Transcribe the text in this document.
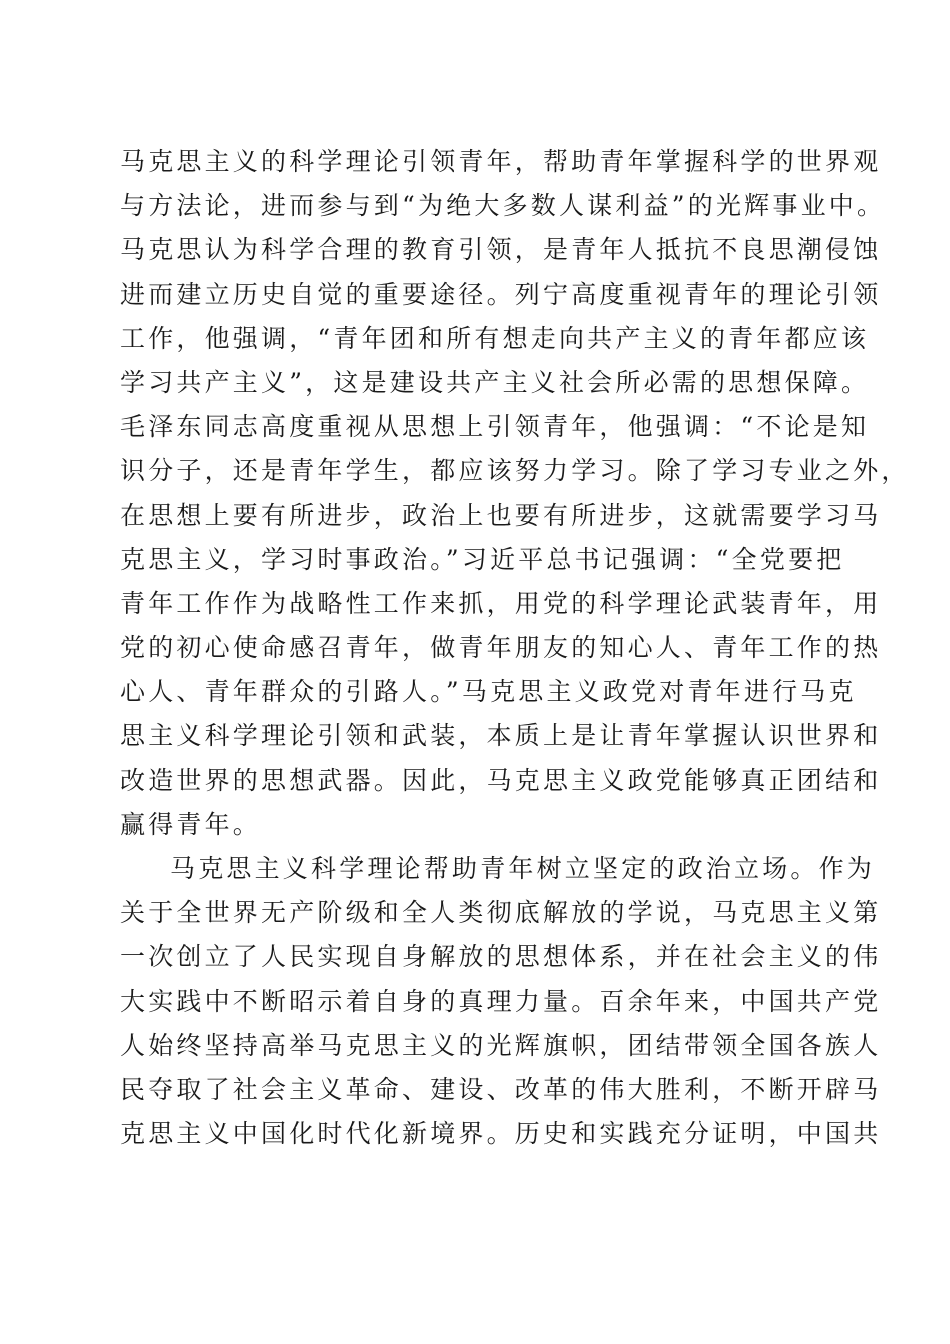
马克思主义的科学理论引领青年，帮助青年掌握科学的世界观
与方法论，进而参与到“为绝大多数人谋利益”的光辉事业中。
马克思认为科学合理的教育引领，是青年人抵抗不良思潮侵蚀
进而建立历史自觉的重要途径。列宁高度重视青年的理论引领
工作，他强调，“青年团和所有想走向共产主义的青年都应该
学习共产主义”，这是建设共产主义社会所必需的思想保障。
毛泽东同志高度重视从思想上引领青年，他强调：“不论是知
识分子，还是青年学生，都应该努力学习。除了学习专业之外，
在思想上要有所进步，政治上也要有所进步，这就需要学习马
克思主义，学习时事政治。”习近平总书记强调：“全党要把
青年工作作为战略性工作来抓，用党的科学理论武装青年，用
党的初心使命感召青年，做青年朋友的知心人、青年工作的热
心人、青年群众的引路人。”马克思主义政党对青年进行马克
思主义科学理论引领和武装，本质上是让青年掌握认识世界和
改造世界的思想武器。因此，马克思主义政党能够真正团结和
赢得青年。
马克思主义科学理论帮助青年树立坚定的政治立场。作为
关于全世界无产阶级和全人类彻底解放的学说，马克思主义第
一次创立了人民实现自身解放的思想体系，并在社会主义的伟
大实践中不断昭示着自身的真理力量。百余年来，中国共产党
人始终坚持高举马克思主义的光辉旗帜，团结带领全国各族人
民夺取了社会主义革命、建设、改革的伟大胜利，不断开辟马
克思主义中国化时代化新境界。历史和实践充分证明，中国共
